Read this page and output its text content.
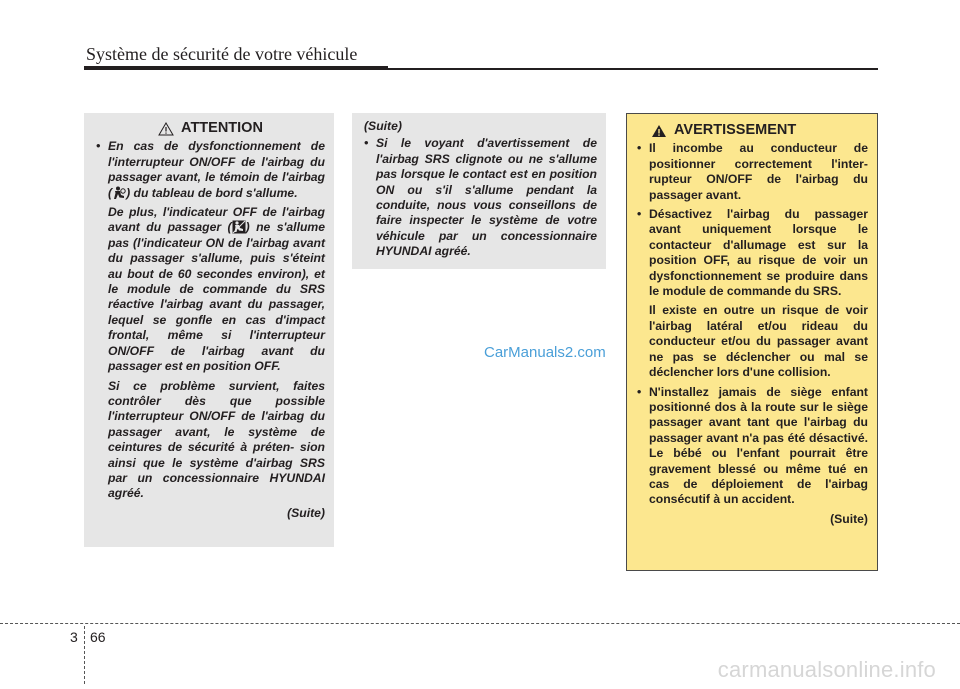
Système de sécurité de votre véhicule
ATTENTION
• En cas de dysfonctionnement de l'interrupteur ON/OFF de l'airbag du passager avant, le témoin de l'airbag ( ) du tableau de bord s'allume.
De plus, l'indicateur OFF de l'airbag avant du passager ( ) ne s'allume pas (l'indicateur ON de l'airbag avant du passager s'allume, puis s'éteint au bout de 60 secondes environ), et le module de commande du SRS réactive l'airbag avant du passager, lequel se gonfle en cas d'impact frontal, même si l'interrupteur ON/OFF de l'airbag avant du passager est en position OFF.
Si ce problème survient, faites contrôler dès que possible l'interrupteur ON/OFF de l'airbag du passager avant, le système de ceintures de sécurité à préten- sion ainsi que le système d'airbag SRS par un concessionnaire HYUNDAI agréé.
(Suite)
(Suite)
• Si le voyant d'avertissement de l'airbag SRS clignote ou ne s'allume pas lorsque le contact est en position ON ou s'il s'allume pendant la conduite, nous vous conseillons de faire inspecter le système de votre véhicule par un concessionnaire HYUNDAI agréé.
CarManuals2.com
AVERTISSEMENT
• Il incombe au conducteur de positionner correctement l'inter- rupteur ON/OFF de l'airbag du passager avant.
• Désactivez l'airbag du passager avant uniquement lorsque le contacteur d'allumage est sur la position OFF, au risque de voir un dysfonctionnement se produire dans le module de commande du SRS.
Il existe en outre un risque de voir l'airbag latéral et/ou rideau du conducteur et/ou du passager avant ne pas se déclencher ou mal se déclencher lors d'une collision.
• N'installez jamais de siège enfant positionné dos à la route sur le siège passager avant tant que l'airbag du passager avant n'a pas été désactivé. Le bébé ou l'enfant pourrait être gravement blessé ou même tué en cas de déploiement de l'airbag consécutif à un accident.
(Suite)
3 66
carmanualsonline.info
